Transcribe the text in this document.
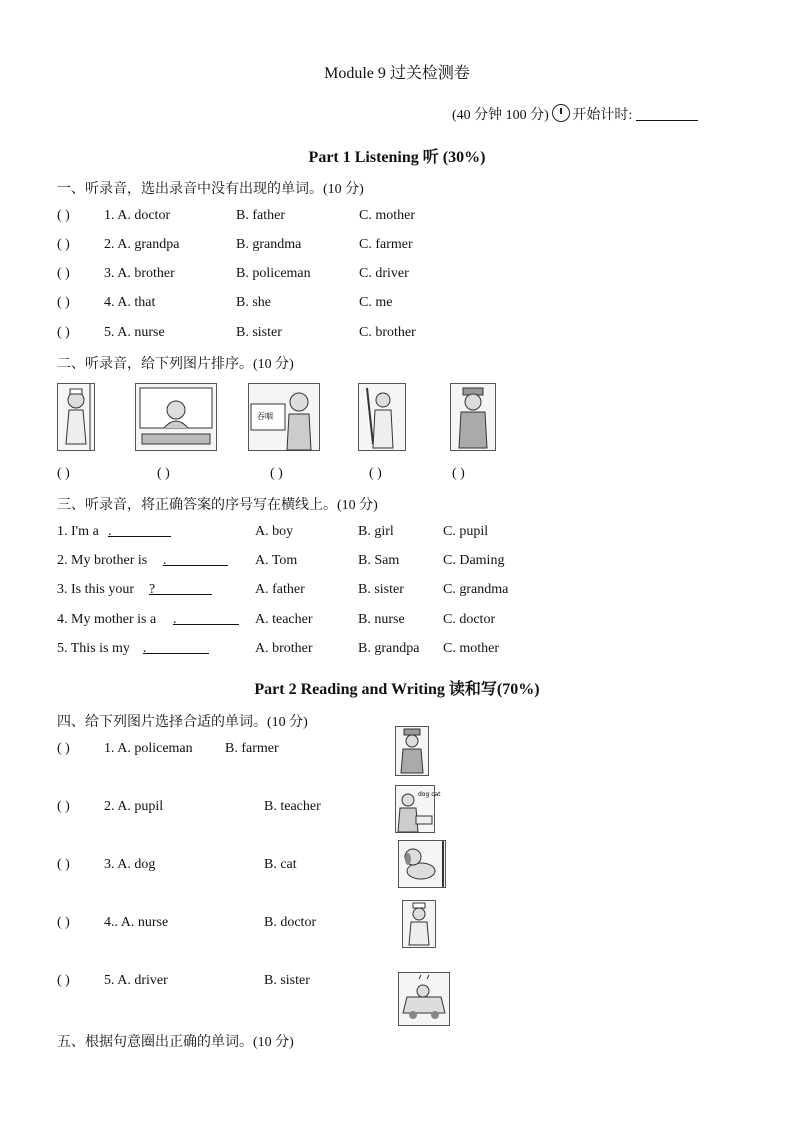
Module 9 过关检测卷
(40 分钟 100 分) 开始计时:
Part 1 Listening 听 (30%)
一、听录音，选出录音中没有出现的单词。(10 分)
( ) 1. A. doctor	B. father	C. mother
( ) 2. A. grandpa	B. grandma	C. farmer
( ) 3. A. brother	B. policeman	C. driver
( ) 4. A. that	B. she	C. me
( ) 5. A. nurse	B. sister	C. brother
二、听录音，给下列图片排序。(10 分)
吞咽
( )	( )	( )	( )	( )
三、听录音，将正确答案的序号写在横线上。(10 分)
1. I'm a .	A. boy	B. girl	C. pupil
2. My brother is .	A. Tom	B. Sam	C. Daming
3. Is this your ?	A. father	B. sister	C. grandma
4. My mother is a .	A. teacher	B. nurse	C. doctor
5. This is my .	A. brother	B. grandpa C. mother
Part 2 Reading and Writing 读和写(70%)
四、给下列图片选择合适的单词。(10 分)
( ) 1. A. policeman B. farmer
( ) 2. A. pupil	B. teacher
( ) 3. A. dog	B. cat
( ) 4.. A. nurse	B. doctor
( ) 5. A. driver	B. sister
dog cat
五、根据句意圈出正确的单词。(10 分)
